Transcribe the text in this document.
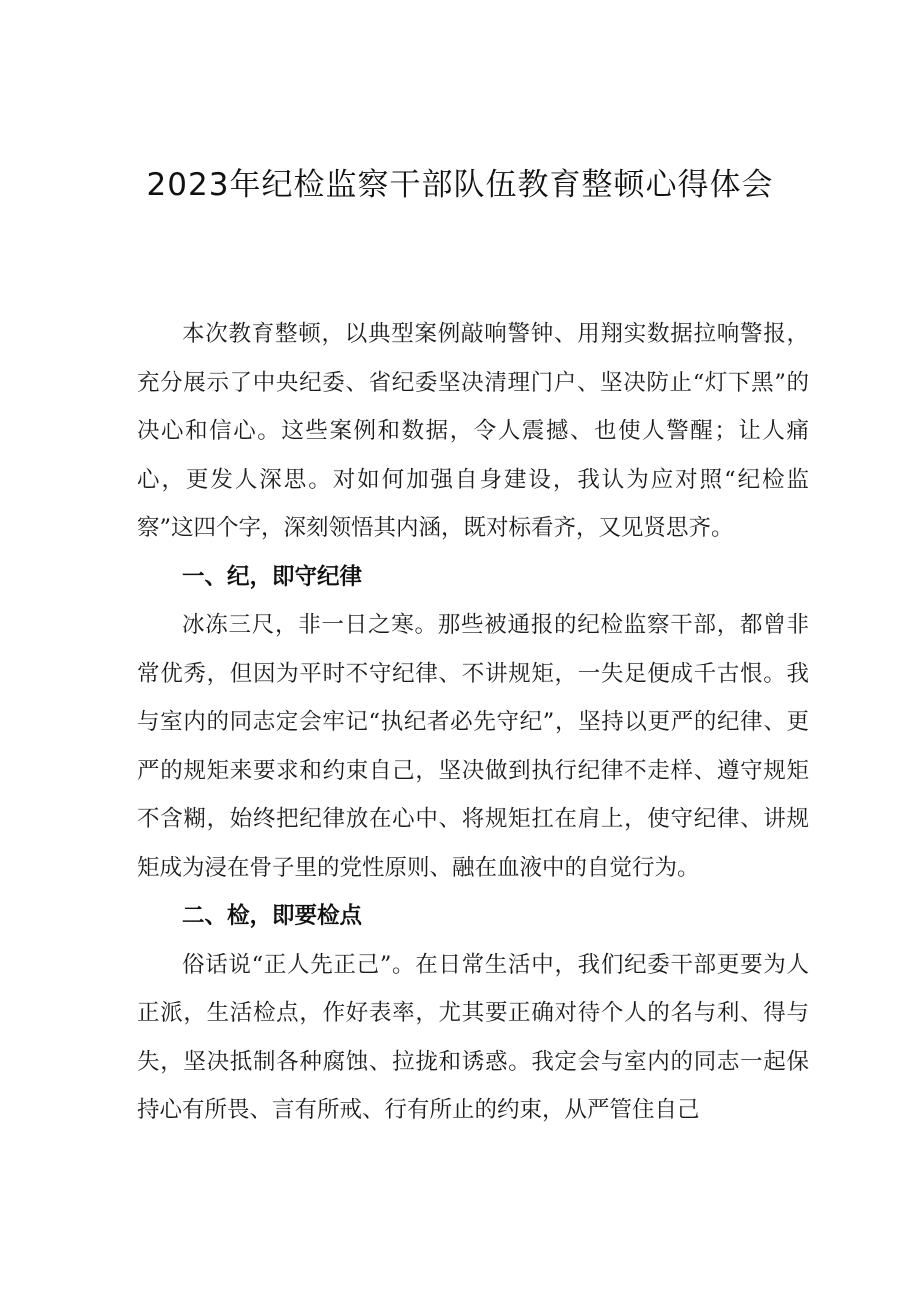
2023年纪检监察干部队伍教育整顿心得体会

本次教育整顿，以典型案例敲响警钟、用翔实数据拉响警报，充分展示了中央纪委、省纪委坚决清理门户、坚决防止“灯下黑”的决心和信心。这些案例和数据，令人震撼、也使人警醒；让人痛心，更发人深思。对如何加强自身建设，我认为应对照“纪检监察”这四个字，深刻领悟其内涵，既对标看齐，又见贤思齐。

一、纪，即守纪律

冰冻三尺，非一日之寒。那些被通报的纪检监察干部，都曾非常优秀，但因为平时不守纪律、不讲规矩，一失足便成千古恨。我与室内的同志定会牢记“执纪者必先守纪”，坚持以更严的纪律、更严的规矩来要求和约束自己，坚决做到执行纪律不走样、遵守规矩不含糊，始终把纪律放在心中、将规矩扛在肩上，使守纪律、讲规矩成为浸在骨子里的党性原则、融在血液中的自觉行为。

二、检，即要检点

俗话说“正人先正己”。在日常生活中，我们纪委干部更要为人正派，生活检点，作好表率，尤其要正确对待个人的名与利、得与失，坚决抵制各种腐蚀、拉拢和诱惑。我定会与室内的同志一起保持心有所畏、言有所戒、行有所止的约束，从严管住自己
